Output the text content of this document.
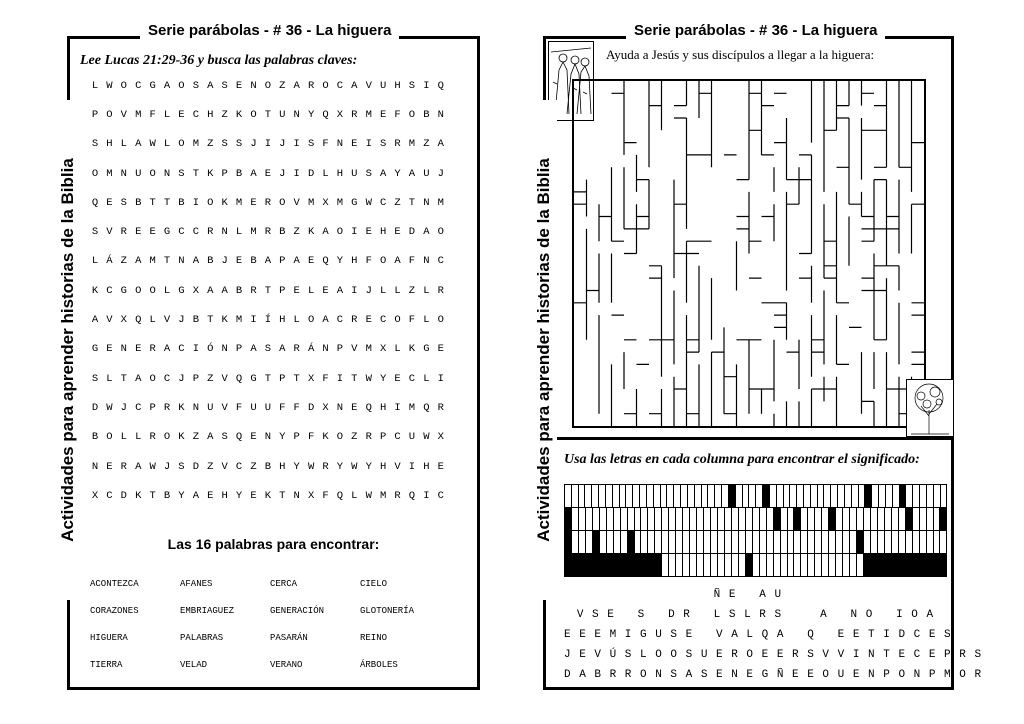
Serie parábolas - # 36 - La higuera
Lee Lucas 21:29-36 y busca las palabras claves:
L W O C G A O S A S E N O Z A R O C A V U H S I Q
P O V M F L E C H Z K O T U N Y Q X R M E F O B N
S H L A W L O M Z S S J I J I S F N E I S R M Z A
O M N U O N S T K P B A E J I D L H U S A Y A U J
Q E S B T T B I O K M E R O V M X M G W C Z T N M
S V R E E G C C R N L M R B Z K A O I E H E D A O
L Á Z A M T N A B J E B A P A E Q Y H F O A F N C
K C G O O L G X A A B R T P E L E A I J L L Z L R
A V X Q L V J B T K M I Í H L O A C R E C O F L O
G E N E R A C I Ó N P A S A R Á N P V M X L K G E
S L T A O C J P Z V Q G T P T X F I T W Y E C L I
D W J C P R K N U V F U U F F D X N E Q H I M Q R
B O L L R O K Z A S Q E N Y P F K O Z R P C U W X
N E R A W J S D Z V C Z B H Y W R Y W Y H V I H E
X C D K T B Y A E H Y E K T N X F Q L W M R Q I C
Las 16 palabras para encontrar:
ACONTEZCA	AFANES	CERCA	CIELO
CORAZONES	EMBRIAGUEZ	GENERACIÓN	GLOTONERÍA
HIGUERA	PALABRAS	PASARÁN	REINO
TIERRA	VELAD	VERANO	ÁRBOLES
Actividades para aprender historias de la Biblia
Serie parábolas - # 36 - La higuera
Ayuda a Jesús y sus discípulos a llegar a la higuera:
Usa las letras en cada columna para encontrar el significado:
Ñ E   A U
V S E   S   D R   L S L R S     A   N O   I O A
E E E M I G U S E   V A L Q A   Q   E E T I D C E S
J E V Ú S L O O S U E R O E E R S V V I N T E C E P R S
D A B R R O N S A S E N E G Ñ E E O U E N P O N P M O R
Actividades para aprender historias de la Biblia
